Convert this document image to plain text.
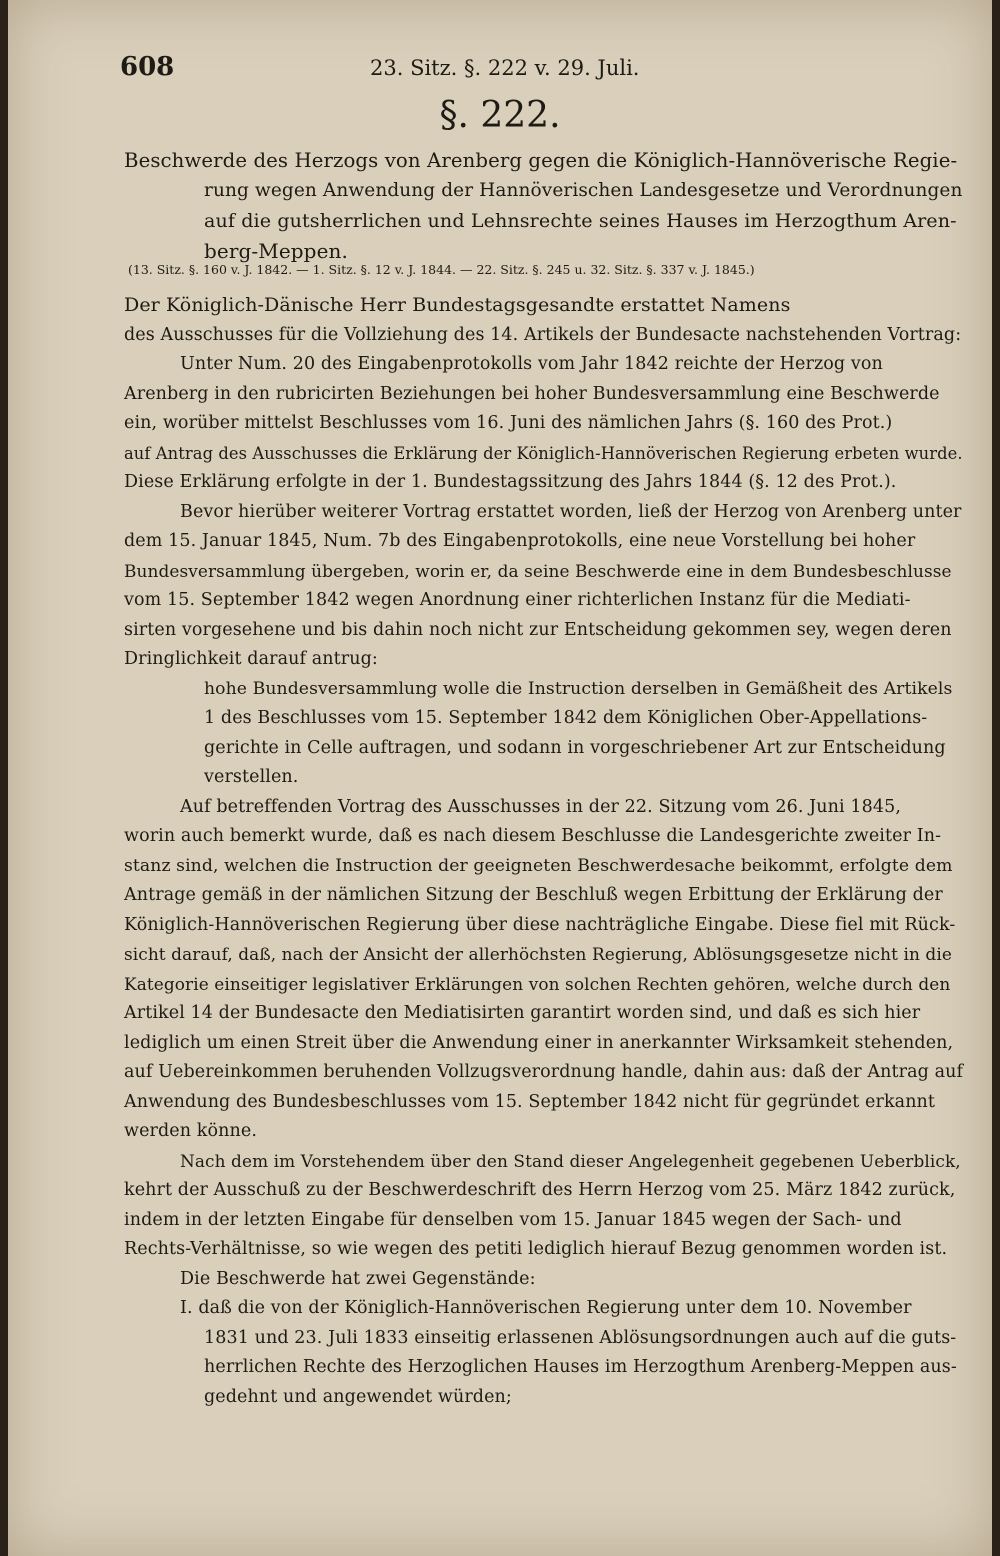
608	23. Sitz. §. 222 v. 29. Juli.
§. 222.
Beschwerde des Herzogs von Arenberg gegen die Königlich-Hannöverische Regie-
rung wegen Anwendung der Hannöverischen Landesgesetze und Verordnungen
auf die gutsherrlichen und Lehnsrechte seines Hauses im Herzogthum Aren-
berg-Meppen.
(13. Sitz. §. 160 v. J. 1842. — 1. Sitz. §. 12 v. J. 1844. — 22. Sitz. §. 245 u. 32. Sitz. §. 337 v. J. 1845.)
Der Königlich-Dänische Herr Bundestagsgesandte erstattet Namens
des Ausschusses für die Vollziehung des 14. Artikels der Bundesacte nachstehenden Vortrag:
Unter Num. 20 des Eingabenprotokolls vom Jahr 1842 reichte der Herzog von
Arenberg in den rubricirten Beziehungen bei hoher Bundesversammlung eine Beschwerde
ein, worüber mittelst Beschlusses vom 16. Juni des nämlichen Jahrs (§. 160 des Prot.)
auf Antrag des Ausschusses die Erklärung der Königlich-Hannöverischen Regierung erbeten wurde.
Diese Erklärung erfolgte in der 1. Bundestagssitzung des Jahrs 1844 (§. 12 des Prot.).
Bevor hierüber weiterer Vortrag erstattet worden, ließ der Herzog von Arenberg unter
dem 15. Januar 1845, Num. 7b des Eingabenprotokolls, eine neue Vorstellung bei hoher
Bundesversammlung übergeben, worin er, da seine Beschwerde eine in dem Bundesbeschlusse
vom 15. September 1842 wegen Anordnung einer richterlichen Instanz für die Mediati-
sirten vorgesehene und bis dahin noch nicht zur Entscheidung gekommen sey, wegen deren
Dringlichkeit darauf antrug:
hohe Bundesversammlung wolle die Instruction derselben in Gemäßheit des Artikels
1 des Beschlusses vom 15. September 1842 dem Königlichen Ober-Appellations-
gerichte in Celle auftragen, und sodann in vorgeschriebener Art zur Entscheidung
verstellen.
Auf betreffenden Vortrag des Ausschusses in der 22. Sitzung vom 26. Juni 1845,
worin auch bemerkt wurde, daß es nach diesem Beschlusse die Landesgerichte zweiter In-
stanz sind, welchen die Instruction der geeigneten Beschwerdesache beikommt, erfolgte dem
Antrage gemäß in der nämlichen Sitzung der Beschluß wegen Erbittung der Erklärung der
Königlich-Hannöverischen Regierung über diese nachträgliche Eingabe. Diese fiel mit Rück-
sicht darauf, daß, nach der Ansicht der allerhöchsten Regierung, Ablösungsgesetze nicht in die
Kategorie einseitiger legislativer Erklärungen von solchen Rechten gehören, welche durch den
Artikel 14 der Bundesacte den Mediatisirten garantirt worden sind, und daß es sich hier
lediglich um einen Streit über die Anwendung einer in anerkannter Wirksamkeit stehenden,
auf Uebereinkommen beruhenden Vollzugsverordnung handle, dahin aus: daß der Antrag auf
Anwendung des Bundesbeschlusses vom 15. September 1842 nicht für gegründet erkannt
werden könne.
Nach dem im Vorstehendem über den Stand dieser Angelegenheit gegebenen Ueberblick,
kehrt der Ausschuß zu der Beschwerdeschrift des Herrn Herzog vom 25. März 1842 zurück,
indem in der letzten Eingabe für denselben vom 15. Januar 1845 wegen der Sach- und
Rechts-Verhältnisse, so wie wegen des petiti lediglich hierauf Bezug genommen worden ist.
Die Beschwerde hat zwei Gegenstände:
I. daß die von der Königlich-Hannöverischen Regierung unter dem 10. November
1831 und 23. Juli 1833 einseitig erlassenen Ablösungsordnungen auch auf die guts-
herrlichen Rechte des Herzoglichen Hauses im Herzogthum Arenberg-Meppen aus-
gedehnt und angewendet würden;
